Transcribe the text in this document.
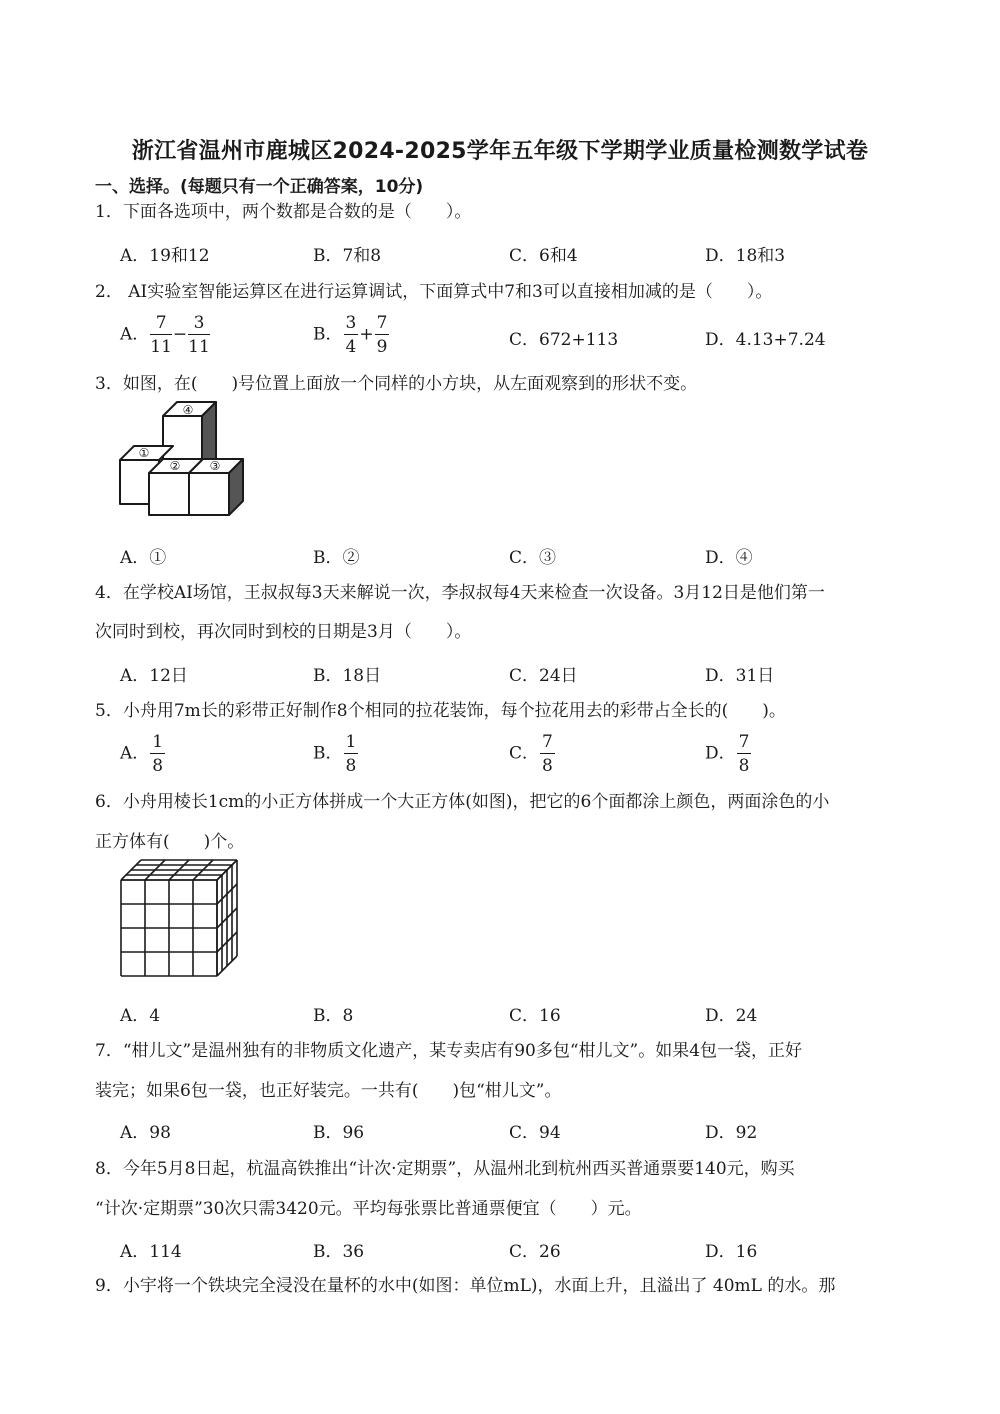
浙江省温州市鹿城区2024-2025学年五年级下学期学业质量检测数学试卷
一、选择。(每题只有一个正确答案，10分)
1．下面各选项中，两个数都是合数的是（　　）。
A．19和12	B．7和8	C．6和4	D．18和3
2． AI实验室智能运算区在进行运算调试，下面算式中7和3可以直接相加减的是（　　）。
A． $\frac{7}{11} - \frac{3}{11}$	B． $\frac{3}{4} + \frac{7}{9}$	C．672+113	D．4.13+7.24
3．如图，在(　　)号位置上面放一个同样的小方块，从左面观察到的形状不变。
①
② ③
④
A．①	B．②	C．③	D．④
4．在学校AI场馆，王叔叔每3天来解说一次，李叔叔每4天来检查一次设备。3月12日是他们第一
次同时到校，再次同时到校的日期是3月（　　）。
A．12日	B．18日	C．24日	D．31日
5．小舟用7m长的彩带正好制作8个相同的拉花装饰，每个拉花用去的彩带占全长的(　　)。
A． $\frac{1}{8}$	B． $\frac{1}{8}$	C． $\frac{7}{8}$	D． $\frac{7}{8}$
6．小舟用棱长1cm的小正方体拼成一个大正方体(如图)，把它的6个面都涂上颜色，两面涂色的小
正方体有(　　)个。
A．4	B．8	C．16	D．24
7．“柑儿文”是温州独有的非物质文化遗产，某专卖店有90多包“柑儿文”。如果4包一袋，正好
装完；如果6包一袋，也正好装完。一共有(　　)包“柑儿文”。
A．98	B．96	C．94	D．92
8．今年5月8日起，杭温高铁推出“计次·定期票”，从温州北到杭州西买普通票要140元，购买
“计次·定期票”30次只需3420元。平均每张票比普通票便宜（　　）元。
A．114	B．36	C．26	D．16
9．小宇将一个铁块完全浸没在量杯的水中(如图：单位mL)，水面上升，且溢出了 40mL 的水。那
